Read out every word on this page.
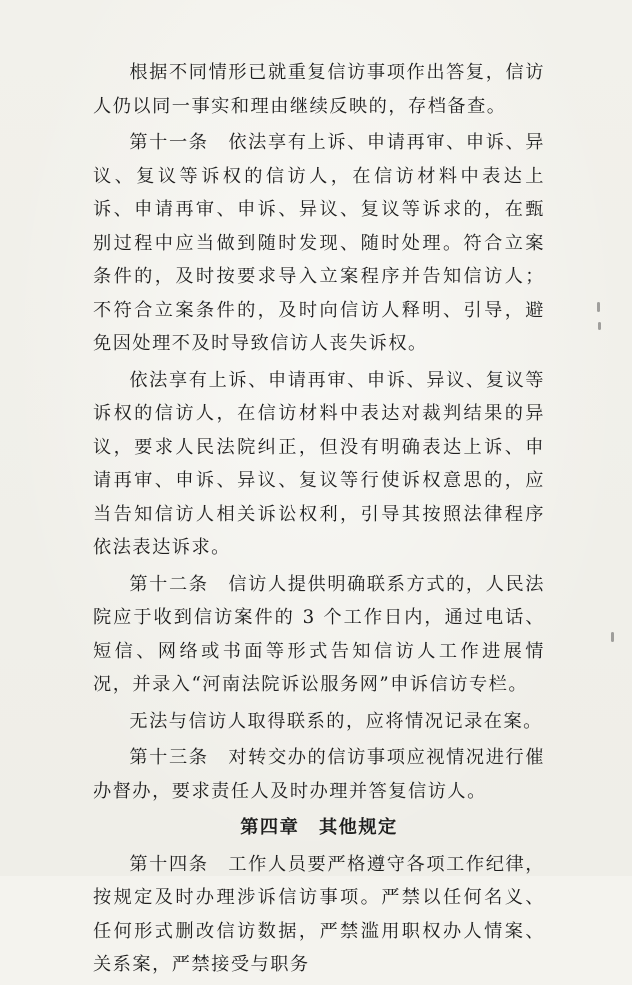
根据不同情形已就重复信访事项作出答复，信访人仍以同一事实和理由继续反映的，存档备查。

第十一条　依法享有上诉、申请再审、申诉、异议、复议等诉权的信访人，在信访材料中表达上诉、申请再审、申诉、异议、复议等诉求的，在甄别过程中应当做到随时发现、随时处理。符合立案条件的，及时按要求导入立案程序并告知信访人；不符合立案条件的，及时向信访人释明、引导，避免因处理不及时导致信访人丧失诉权。

依法享有上诉、申请再审、申诉、异议、复议等诉权的信访人，在信访材料中表达对裁判结果的异议，要求人民法院纠正，但没有明确表达上诉、申请再审、申诉、异议、复议等行使诉权意思的，应当告知信访人相关诉讼权利，引导其按照法律程序依法表达诉求。

第十二条　信访人提供明确联系方式的，人民法院应于收到信访案件的 3 个工作日内，通过电话、短信、网络或书面等形式告知信访人工作进展情况，并录入“河南法院诉讼服务网”申诉信访专栏。

无法与信访人取得联系的，应将情况记录在案。

第十三条　对转交办的信访事项应视情况进行催办督办，要求责任人及时办理并答复信访人。

第四章　其他规定

第十四条　工作人员要严格遵守各项工作纪律，按规定及时办理涉诉信访事项。严禁以任何名义、任何形式删改信访数据，严禁滥用职权办人情案、关系案，严禁接受与职务
